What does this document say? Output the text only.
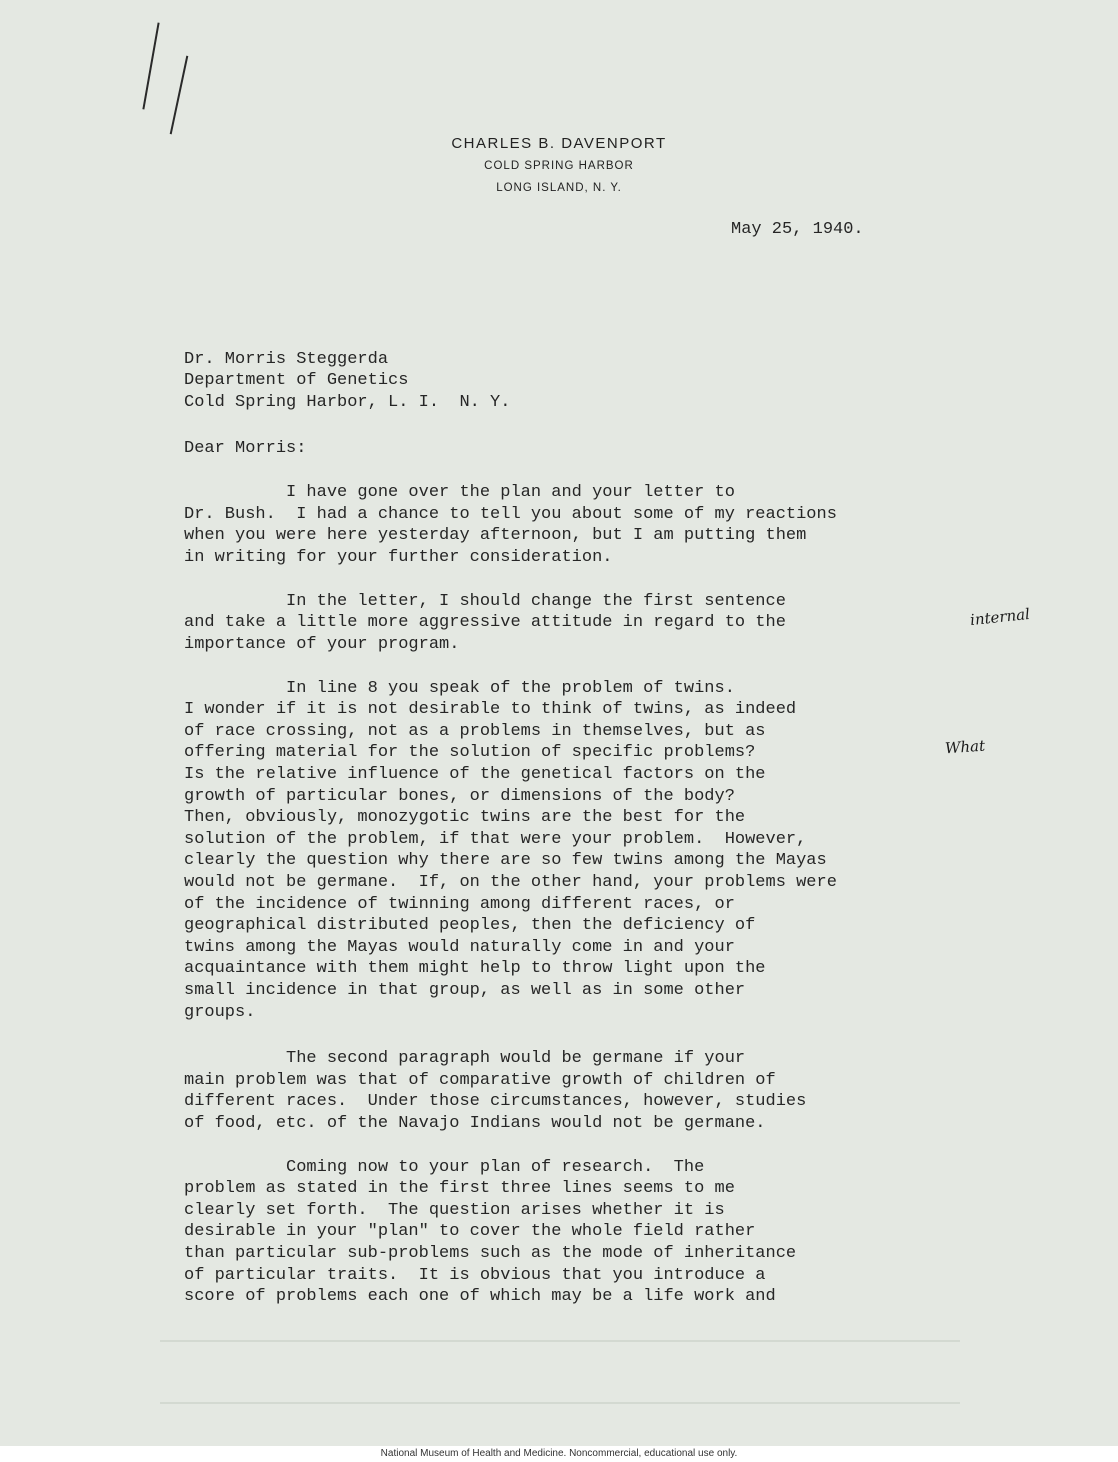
CHARLES B. DAVENPORT
COLD SPRING HARBOR
LONG ISLAND, N. Y.
May 25, 1940.
Dr. Morris Steggerda
Department of Genetics
Cold Spring Harbor, L. I.  N. Y.
Dear Morris:
I have gone over the plan and your letter to
Dr. Bush.  I had a chance to tell you about some of my reactions
when you were here yesterday afternoon, but I am putting them
in writing for your further consideration.
In the letter, I should change the first sentence
and take a little more aggressive attitude in regard to the
importance of your program.
internal
In line 8 you speak of the problem of twins.
I wonder if it is not desirable to think of twins, as indeed
of race crossing, not as a problems in themselves, but as
offering material for the solution of specific problems?
Is the relative influence of the genetical factors on the
growth of particular bones, or dimensions of the body?
Then, obviously, monozygotic twins are the best for the
solution of the problem, if that were your problem.  However,
clearly the question why there are so few twins among the Mayas
would not be germane.  If, on the other hand, your problems were
of the incidence of twinning among different races, or
geographical distributed peoples, then the deficiency of
twins among the Mayas would naturally come in and your
acquaintance with them might help to throw light upon the
small incidence in that group, as well as in some other
groups.
What
The second paragraph would be germane if your
main problem was that of comparative growth of children of
different races.  Under those circumstances, however, studies
of food, etc. of the Navajo Indians would not be germane.
Coming now to your plan of research.  The
problem as stated in the first three lines seems to me
clearly set forth.  The question arises whether it is
desirable in your "plan" to cover the whole field rather
than particular sub-problems such as the mode of inheritance
of particular traits.  It is obvious that you introduce a
score of problems each one of which may be a life work and
National Museum of Health and Medicine. Noncommercial, educational use only.
